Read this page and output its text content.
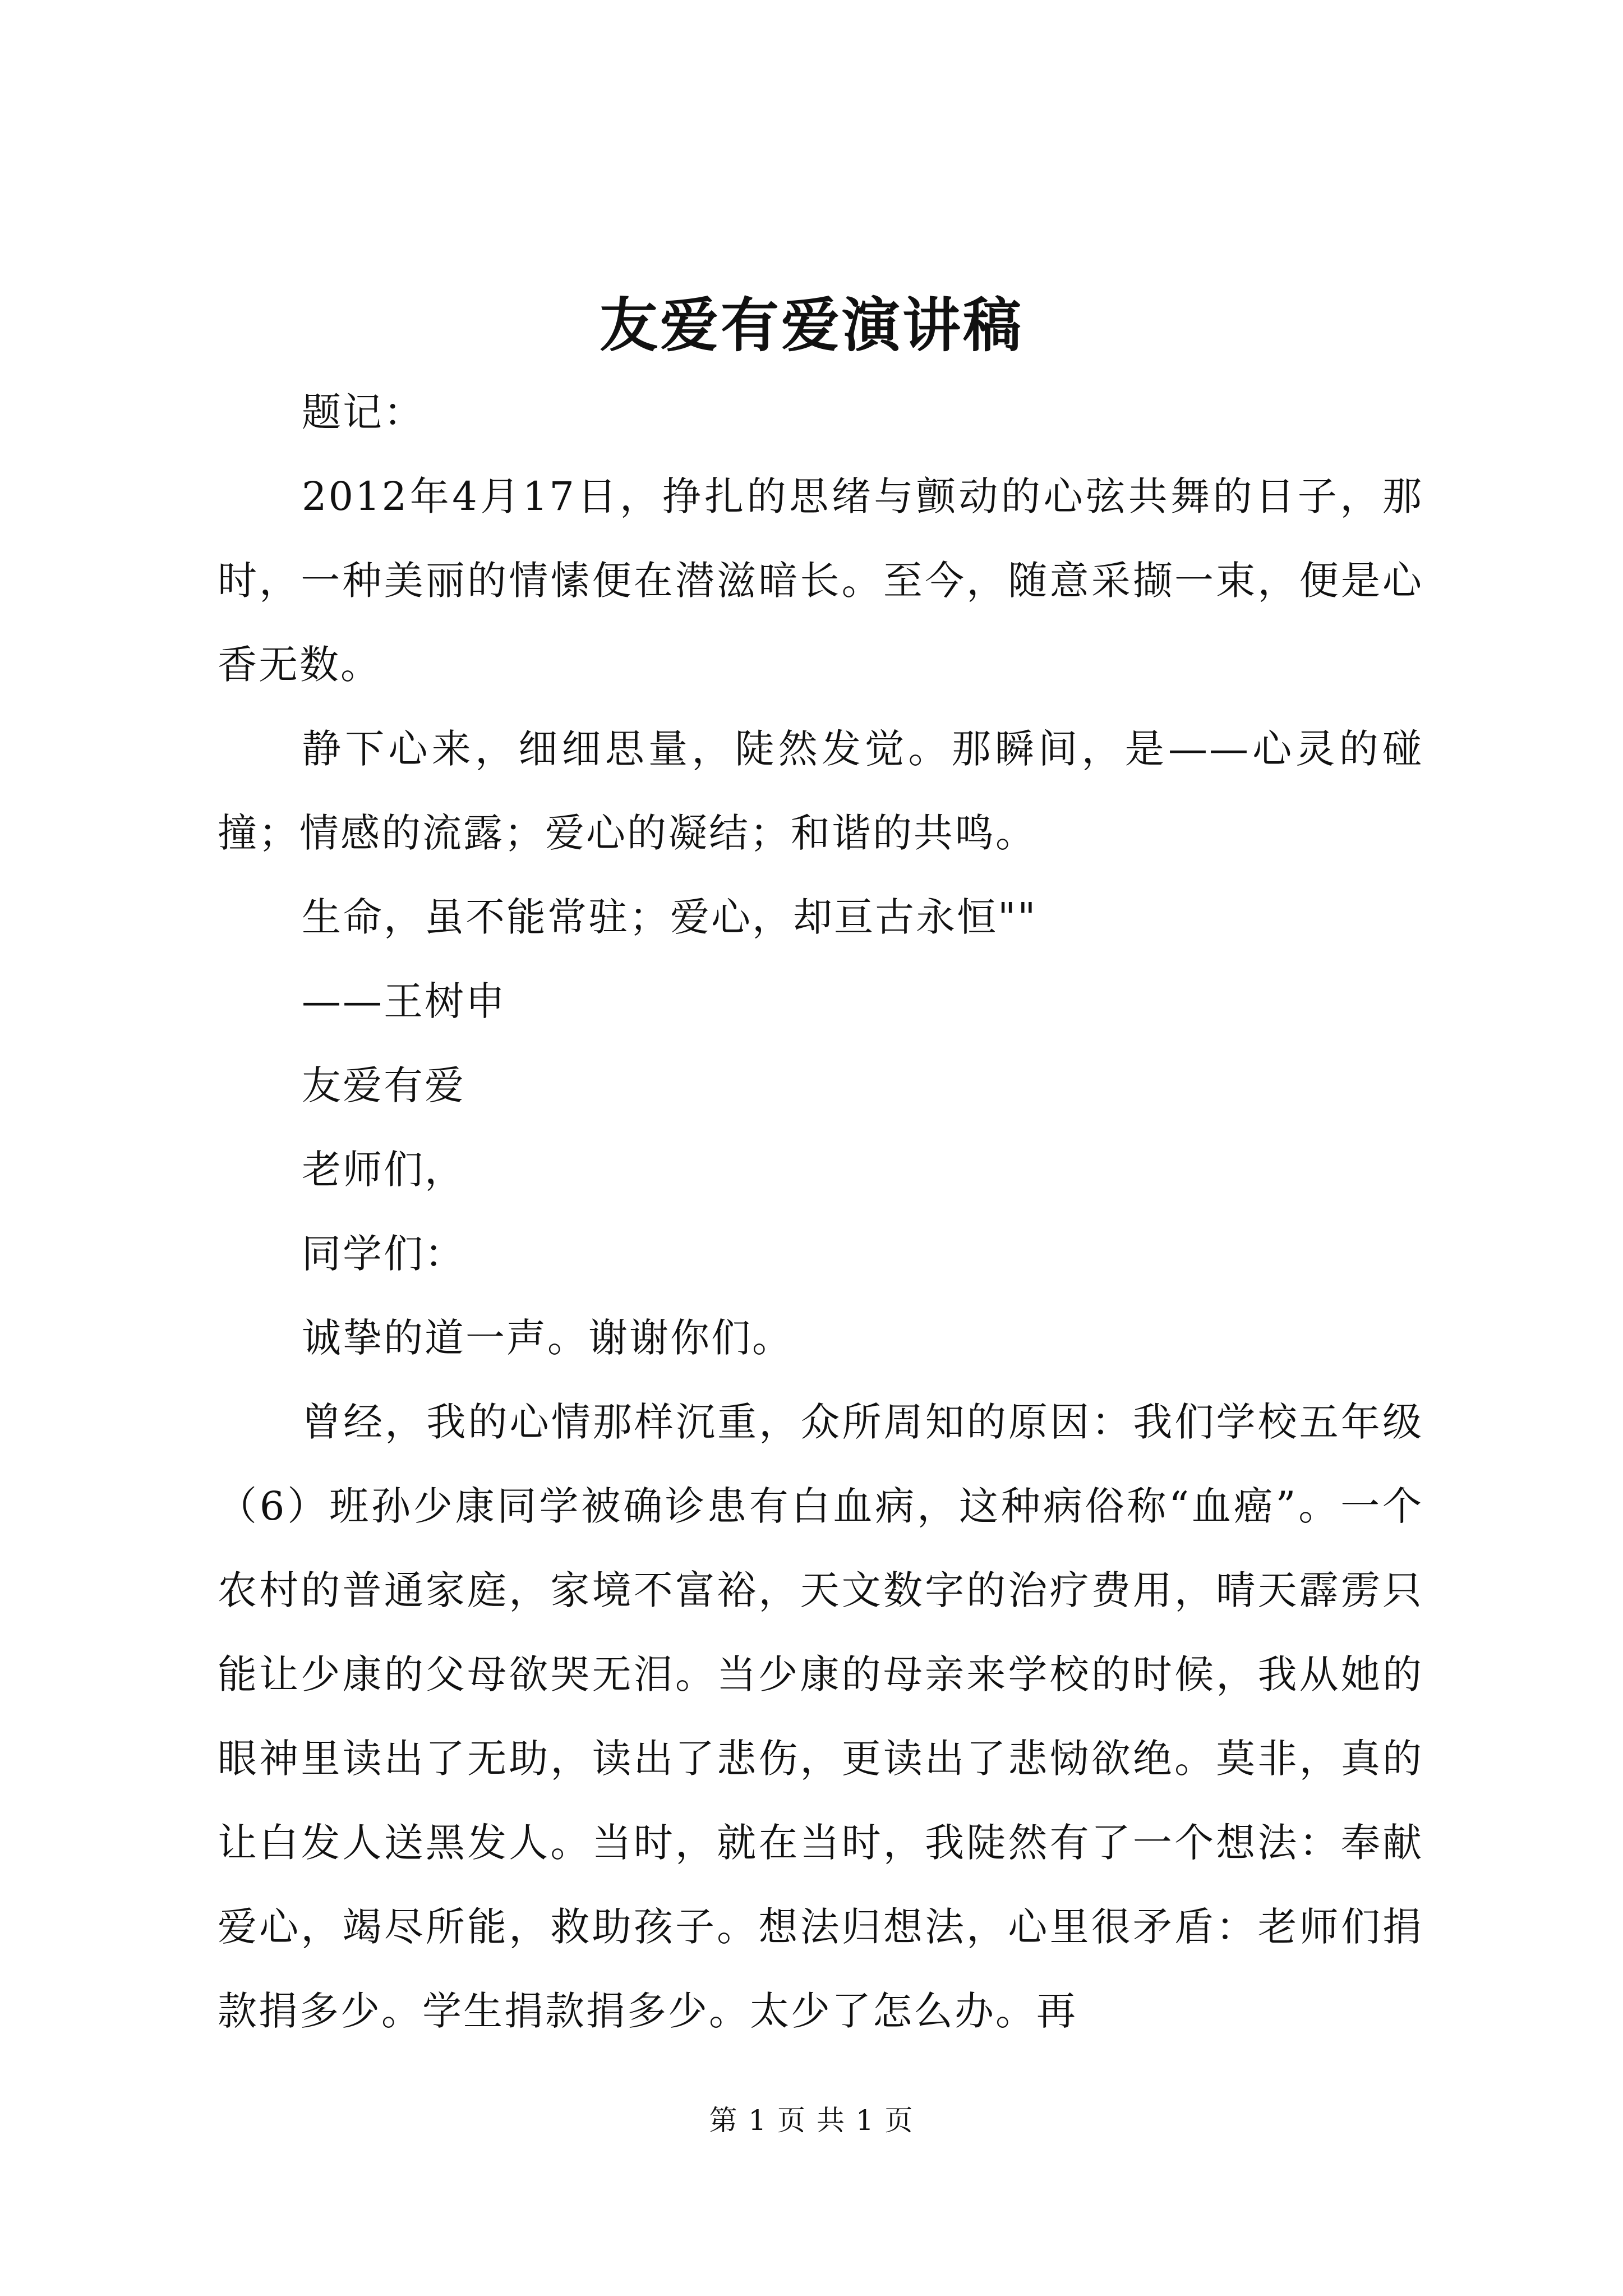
友爱有爱演讲稿

题记：

2012年4月17日，挣扎的思绪与颤动的心弦共舞的日子，那时，一种美丽的情愫便在潜滋暗长。至今，随意采撷一束，便是心香无数。

静下心来，细细思量，陡然发觉。那瞬间，是——心灵的碰撞；情感的流露；爱心的凝结；和谐的共鸣。

生命，虽不能常驻；爱心，却亘古永恒""

——王树申

友爱有爱

老师们，

同学们：

诚挚的道一声。谢谢你们。

曾经，我的心情那样沉重，众所周知的原因：我们学校五年级（6）班孙少康同学被确诊患有白血病，这种病俗称“血癌”。一个农村的普通家庭，家境不富裕，天文数字的治疗费用，晴天霹雳只能让少康的父母欲哭无泪。当少康的母亲来学校的时候，我从她的眼神里读出了无助，读出了悲伤，更读出了悲恸欲绝。莫非，真的让白发人送黑发人。当时，就在当时，我陡然有了一个想法：奉献爱心，竭尽所能，救助孩子。想法归想法，心里很矛盾：老师们捐款捐多少。学生捐款捐多少。太少了怎么办。再

第 1 页 共 1 页
